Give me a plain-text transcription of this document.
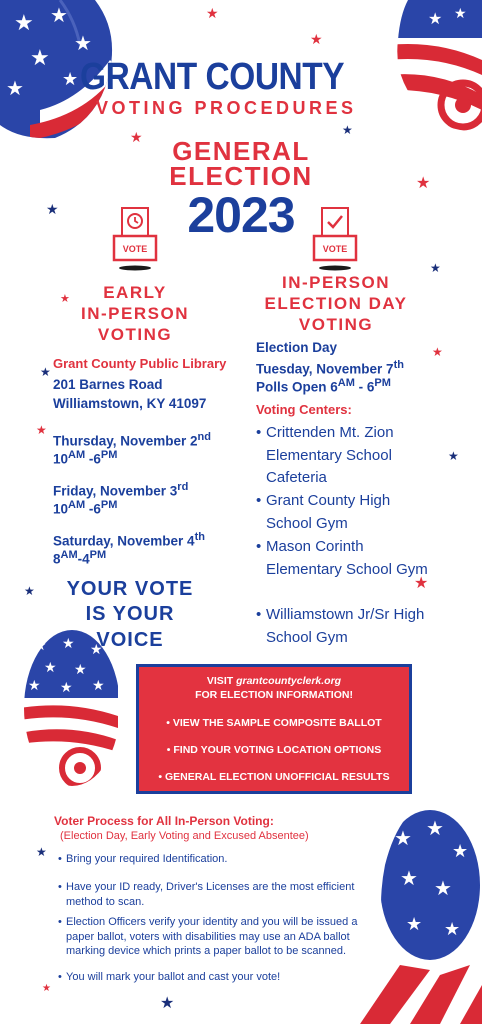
★ ★
★
★
★ ★
★ ★
★ ★ ★
★ ★
★ ★ ★
★ ★
★
★ ★
★ ★
★
★
★
★
★
★
★
★
★
★
★
★	★
★
★
★
★
GRANT COUNTY
VOTING PROCEDURES
GENERAL
ELECTION
2023
VOTE	VOTE
EARLY
IN-PERSON
VOTING
IN-PERSON
ELECTION DAY
VOTING
Grant County Public Library
201 Barnes Road
Williamstown, KY 41097
Thursday, November 2nd
$10^{AM}$ $-6^{PM}$
Friday, November 3rd
$10^{AM}$ $-6^{PM}$
Saturday, November 4th
$8^{AM}-4^{PM}$
YOUR VOTE
IS YOUR
VOICE
Election Day
Tuesday, November 7th
Polls Open $6^{AM} - 6^{PM}$
Voting Centers:
• Crittenden Mt. Zion Elementary School Cafeteria
• Grant County High School Gym
• Mason Corinth Elementary School Gym
• Williamstown Jr/Sr High School Gym
VISIT grantcountyclerk.org
FOR ELECTION INFORMATION!
• VIEW THE SAMPLE COMPOSITE BALLOT
• FIND YOUR VOTING LOCATION OPTIONS
• GENERAL ELECTION UNOFFICIAL RESULTS
Voter Process for All In-Person Voting:
(Election Day, Early Voting and Excused Absentee)
• Bring your required Identification.
• Have your ID ready, Driver's Licenses are the most efficient method to scan.
• Election Officers verify your identity and you will be issued a paper ballot, voters with disabilities may use an ADA ballot marking device which prints a paper ballot to be scanned.
• You will mark your ballot and cast your vote!
